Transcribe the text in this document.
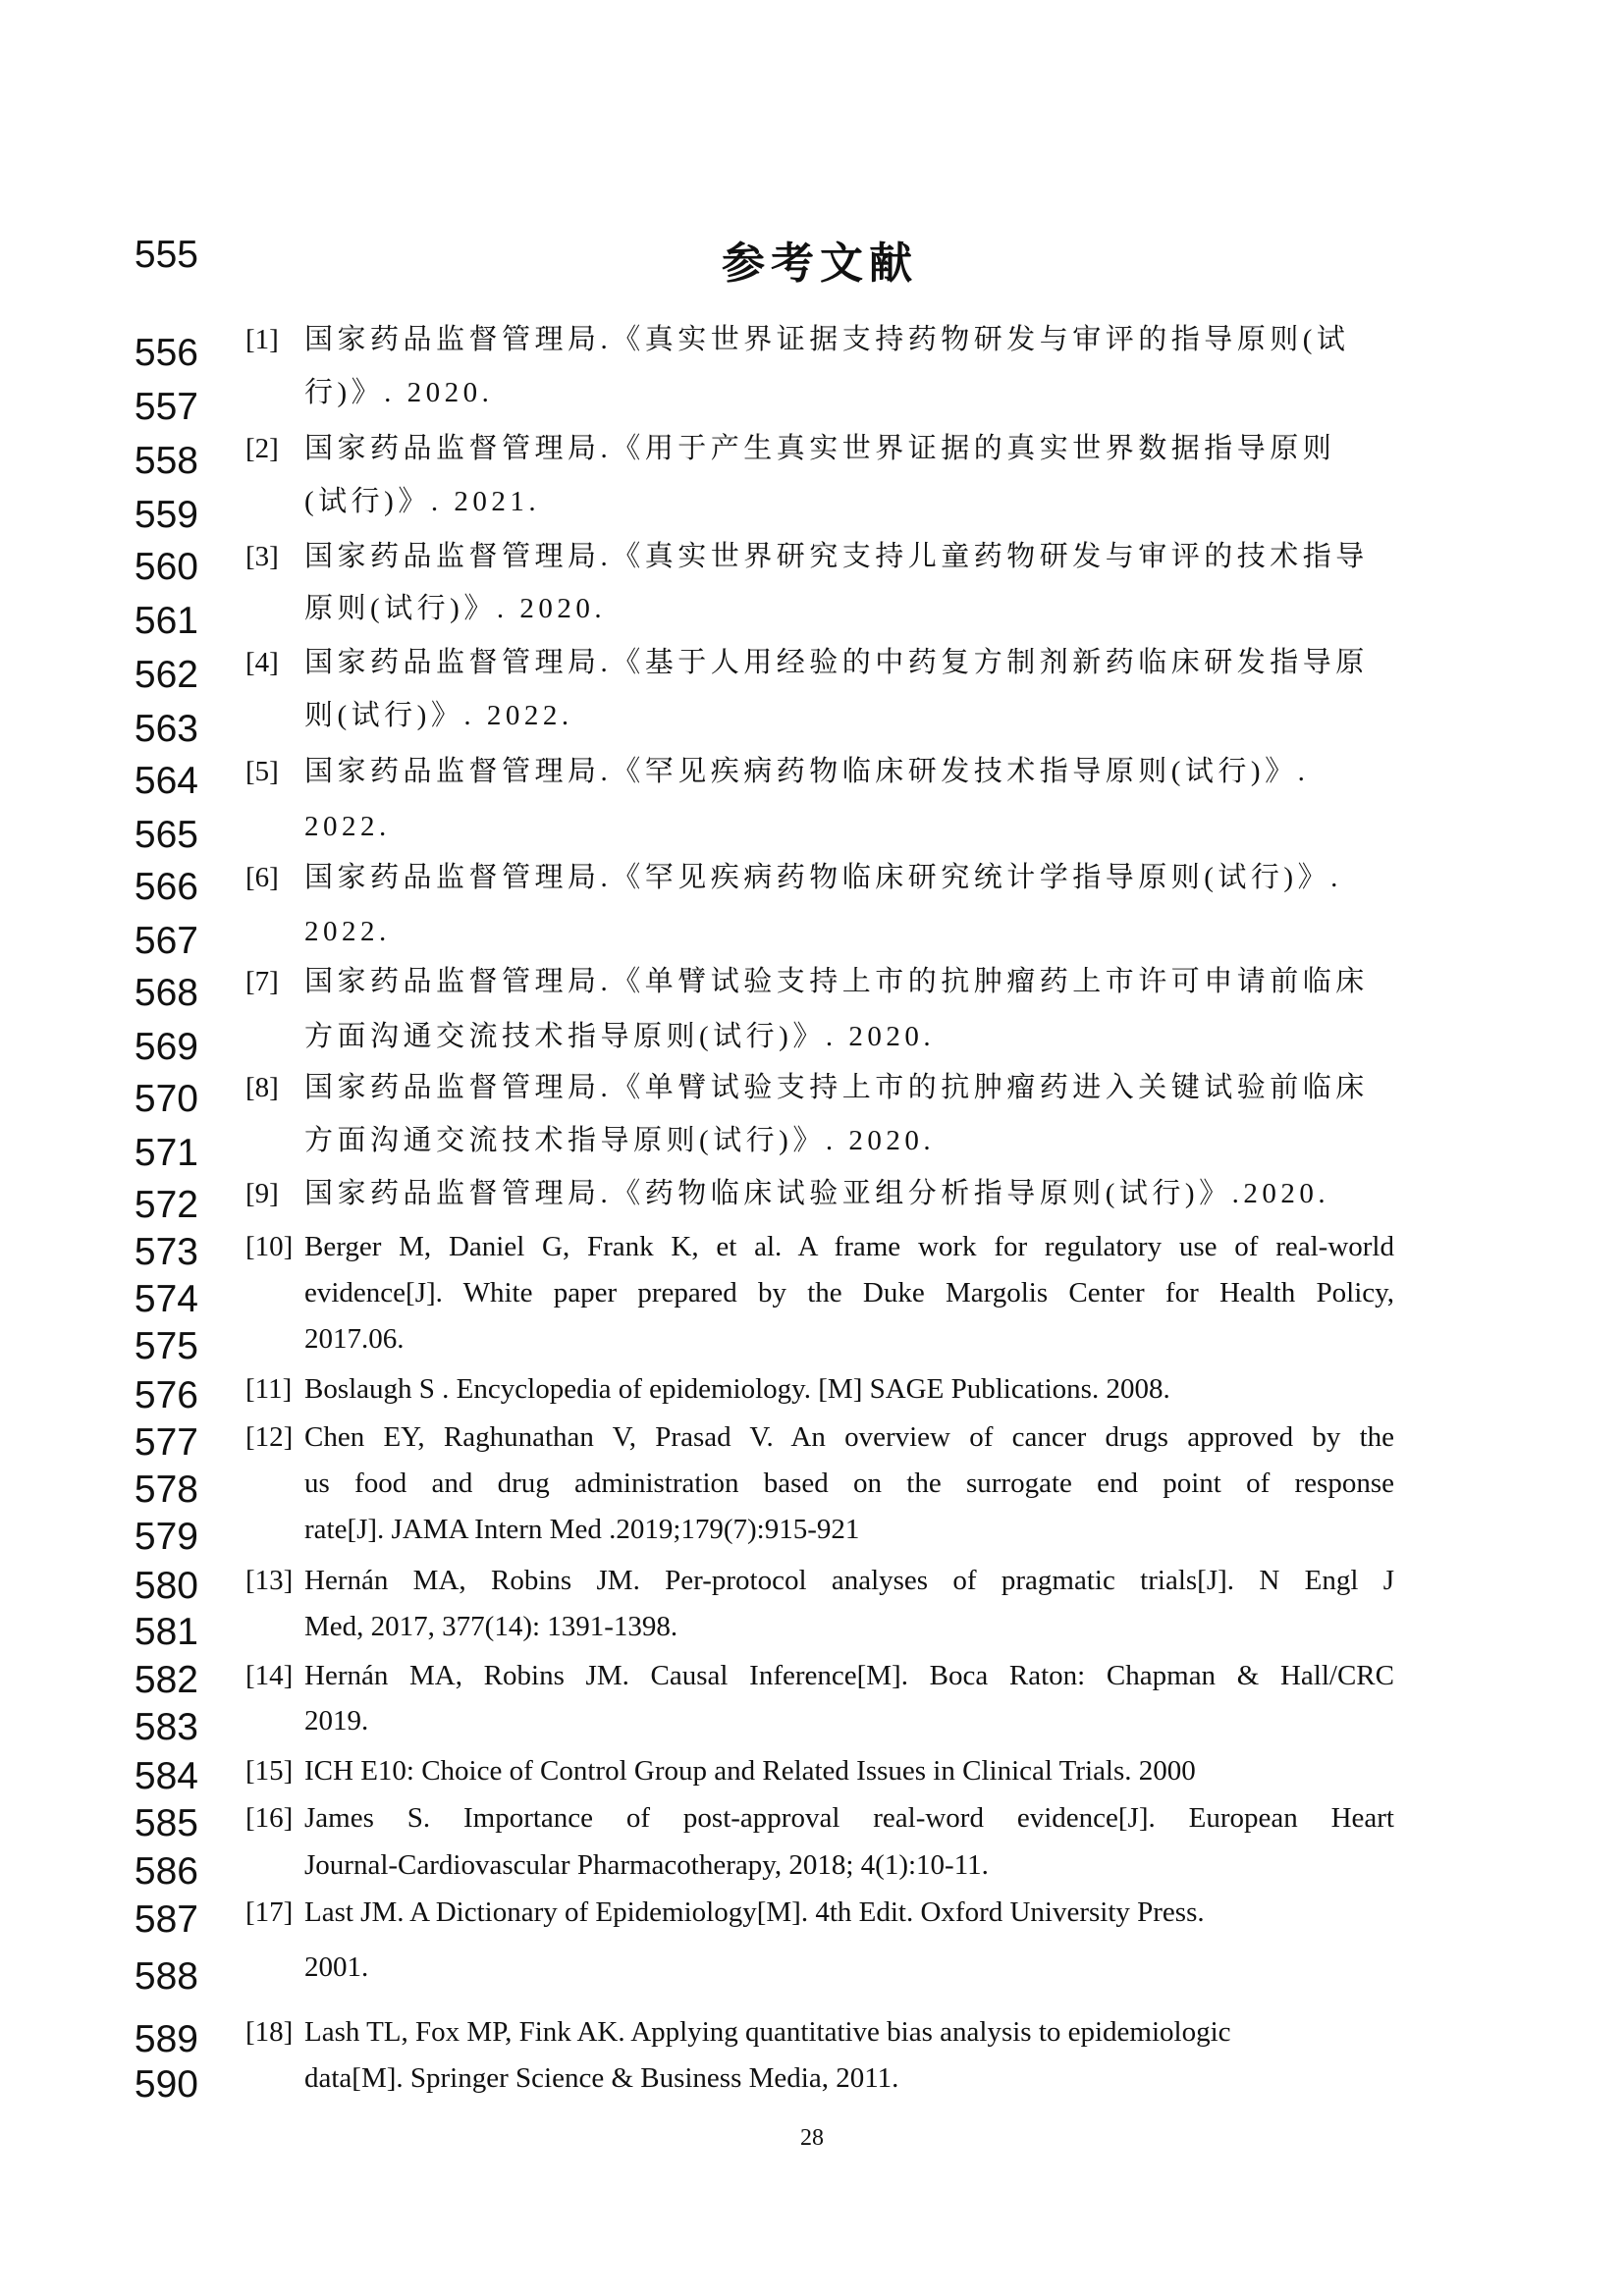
555	参考文献
556
557
558
559
560
561
562
563
564
565
566
567
568
569
570
571
572
573
574
575
576
577
578
579
580
581
582
583
584
585
586
587
588
589
590
[1] 国家药品监督管理局.《真实世界证据支持药物研发与审评的指导原则(试
行)》. 2020.
[2] 国家药品监督管理局.《用于产生真实世界证据的真实世界数据指导原则
(试行)》. 2021.
[3] 国家药品监督管理局.《真实世界研究支持儿童药物研发与审评的技术指导
原则(试行)》. 2020.
[4] 国家药品监督管理局.《基于人用经验的中药复方制剂新药临床研发指导原
则(试行)》. 2022.
[5] 国家药品监督管理局.《罕见疾病药物临床研发技术指导原则(试行)》.
2022.
[6] 国家药品监督管理局.《罕见疾病药物临床研究统计学指导原则(试行)》.
2022.
[7] 国家药品监督管理局.《单臂试验支持上市的抗肿瘤药上市许可申请前临床
方面沟通交流技术指导原则(试行)》. 2020.
[8] 国家药品监督管理局.《单臂试验支持上市的抗肿瘤药进入关键试验前临床
方面沟通交流技术指导原则(试行)》. 2020.
[9] 国家药品监督管理局.《药物临床试验亚组分析指导原则(试行)》.2020.
[10] Berger M, Daniel G, Frank K, et al. A frame work for regulatory use of real-world
evidence[J]. White paper prepared by the Duke Margolis Center for Health Policy,
2017.06.
[11] Boslaugh S . Encyclopedia of epidemiology. [M] SAGE Publications. 2008.
[12] Chen EY, Raghunathan V, Prasad V. An overview of cancer drugs approved by the
us food and drug administration based on the surrogate end point of response
rate[J]. JAMA Intern Med .2019;179(7):915-921
[13] Hernán MA, Robins JM. Per-protocol analyses of pragmatic trials[J]. N Engl J
Med, 2017, 377(14): 1391-1398.
[14] Hernán MA, Robins JM. Causal Inference[M]. Boca Raton: Chapman & Hall/CRC
2019.
[15] ICH E10: Choice of Control Group and Related Issues in Clinical Trials. 2000
[16] James S. Importance of post-approval real-word evidence[J]. European Heart
Journal-Cardiovascular Pharmacotherapy, 2018; 4(1):10-11.
[17] Last JM. A Dictionary of Epidemiology[M]. 4th Edit. Oxford University Press.
2001.
[18] Lash TL, Fox MP, Fink AK. Applying quantitative bias analysis to epidemiologic
data[M]. Springer Science & Business Media, 2011.
28
